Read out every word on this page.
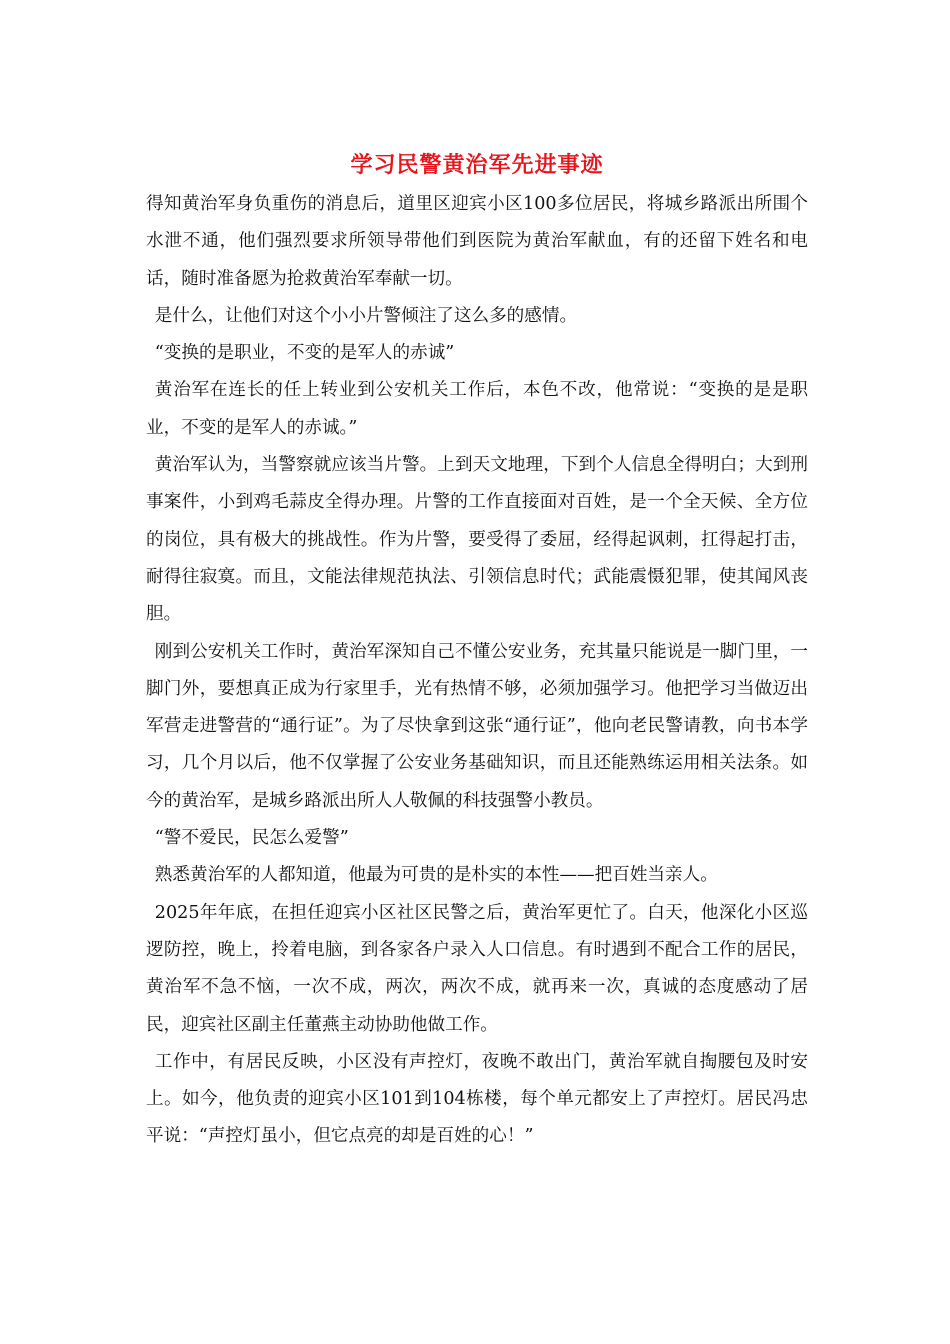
学习民警黄治军先进事迹

得知黄治军身负重伤的消息后，道里区迎宾小区100多位居民，将城乡路派出所围个水泄不通，他们强烈要求所领导带他们到医院为黄治军献血，有的还留下姓名和电话，随时准备愿为抢救黄治军奉献一切。

是什么，让他们对这个小小片警倾注了这么多的感情。

“变换的是职业，不变的是军人的赤诚”

黄治军在连长的任上转业到公安机关工作后，本色不改，他常说：“变换的是是职业，不变的是军人的赤诚。”

黄治军认为，当警察就应该当片警。上到天文地理，下到个人信息全得明白；大到刑事案件，小到鸡毛蒜皮全得办理。片警的工作直接面对百姓，是一个全天候、全方位的岗位，具有极大的挑战性。作为片警，要受得了委屈，经得起讽刺，扛得起打击，耐得往寂寞。而且，文能法律规范执法、引领信息时代；武能震慑犯罪，使其闻风丧胆。

刚到公安机关工作时，黄治军深知自己不懂公安业务，充其量只能说是一脚门里，一脚门外，要想真正成为行家里手，光有热情不够，必须加强学习。他把学习当做迈出军营走进警营的“通行证”。为了尽快拿到这张“通行证”，他向老民警请教，向书本学习，几个月以后，他不仅掌握了公安业务基础知识，而且还能熟练运用相关法条。如今的黄治军，是城乡路派出所人人敬佩的科技强警小教员。

“警不爱民，民怎么爱警”

熟悉黄治军的人都知道，他最为可贵的是朴实的本性——把百姓当亲人。

2025年年底，在担任迎宾小区社区民警之后，黄治军更忙了。白天，他深化小区巡逻防控，晚上，拎着电脑，到各家各户录入人口信息。有时遇到不配合工作的居民，黄治军不急不恼，一次不成，两次，两次不成，就再来一次，真诚的态度感动了居民，迎宾社区副主任董燕主动协助他做工作。

工作中，有居民反映，小区没有声控灯，夜晚不敢出门，黄治军就自掏腰包及时安上。如今，他负责的迎宾小区101到104栋楼，每个单元都安上了声控灯。居民冯忠平说：“声控灯虽小，但它点亮的却是百姓的心！”
